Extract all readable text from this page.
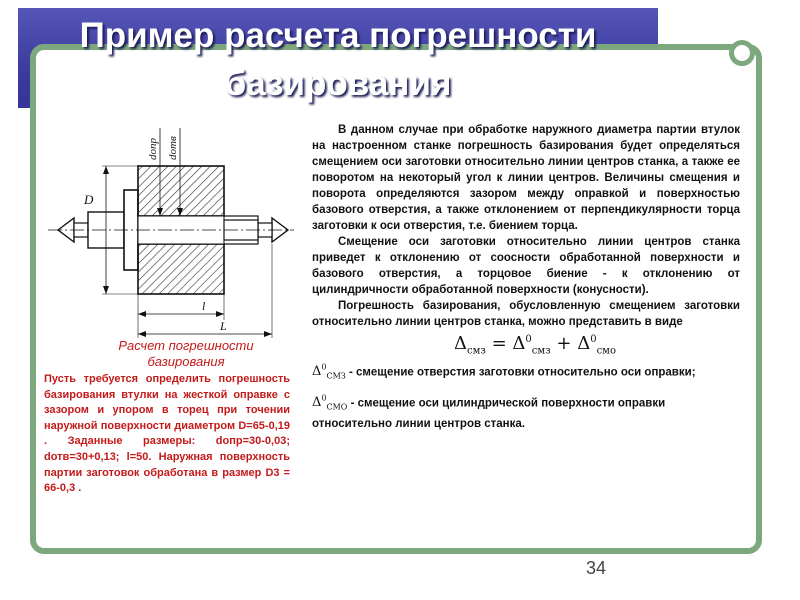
Пример расчета погрешности
базирования
D
dопр dотв
l
L
Расчет погрешности
базирования

Пусть требуется определить погрешность базирования втулки на жесткой оправке с зазором и упором в торец при точении наружной поверхности диаметром D=65-0,19 . Заданные размеры: dопр=30-0,03; dотв=30+0,13; l=50. Наружная поверхность партии заготовок обработана в размер D3 = 66-0,3 .

В данном случае при обработке наружного диаметра партии втулок на настроенном станке погрешность базирования будет определяться смещением оси заготовки относительно линии центров станка, а также ее поворотом на некоторый угол к линии центров. Величины смещения и поворота определяются зазором между оправкой и поверхностью базового отверстия, а также отклонением от перпендикулярности торца заготовки к оси отверстия, т.е. биением торца.

Смещение оси заготовки относительно линии центров станка приведет к отклонению от соосности обработанной поверхности и базового отверстия, а торцовое биение - к отклонению от цилиндричности обработанной поверхности (конусности).

Погрешность базирования, обусловленную смещением заготовки относительно линии центров станка, можно представить в виде

$\Delta_{смз} = \Delta^0_{смз} + \Delta^0_{смо}$
$\Delta^0_{СМЗ}$ - смещение отверстия заготовки относительно оси оправки;
$\Delta^0_{СМО}$ - смещение оси цилиндрической поверхности оправки относительно линии центров станка.
34
